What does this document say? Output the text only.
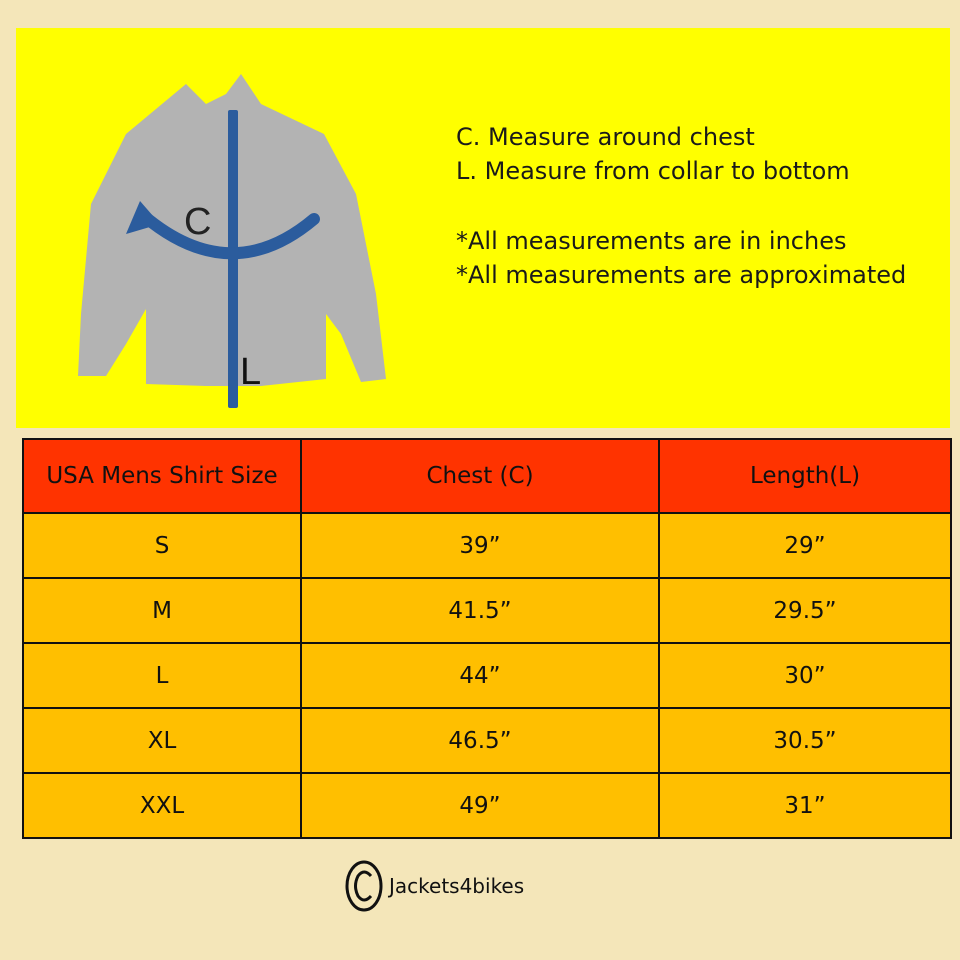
C
L

C. Measure around chest

L. Measure from collar to bottom

*All measurements are in inches

*All measurements are approximated

USA Mens Shirt Size	Chest (C)	Length(L)
S	39”	29”
M	41.5”	29.5”
L	44”	30”
XL	46.5”	30.5”
XXL	49”	31”
Jackets4bikes
